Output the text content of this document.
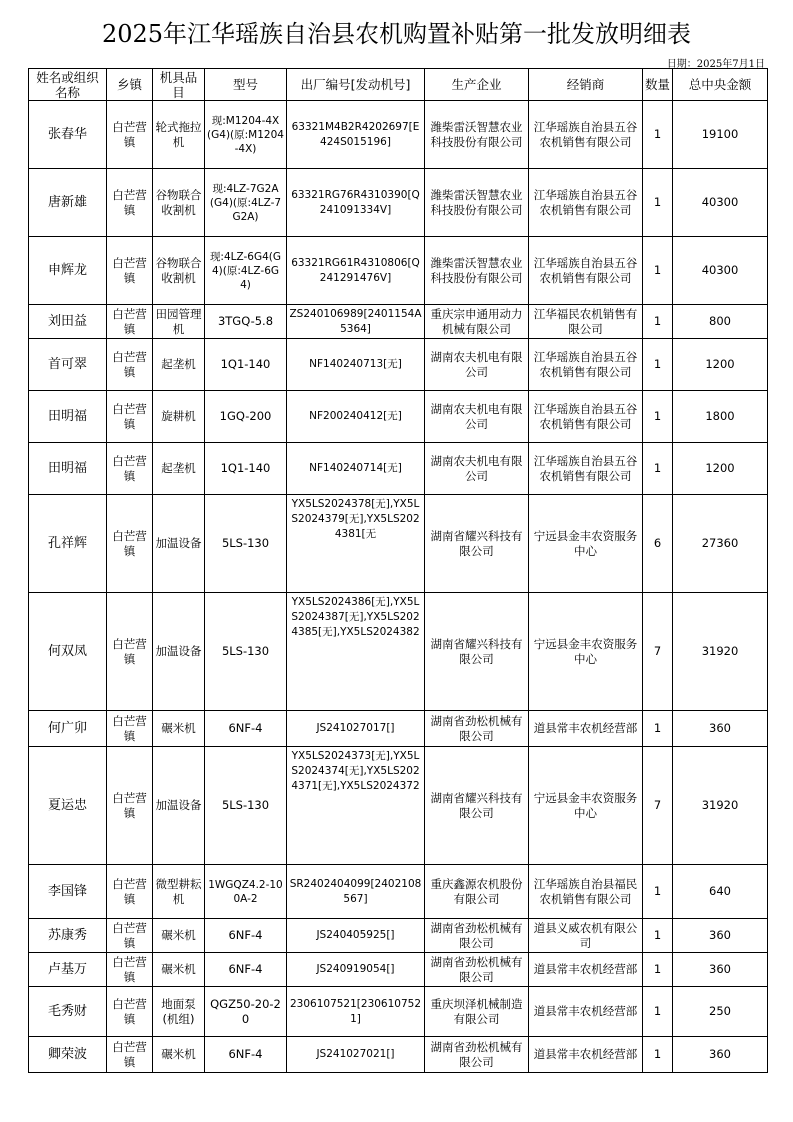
2025年江华瑶族自治县农机购置补贴第一批发放明细表
日期：2025年7月1日
姓名或组织名称	乡镇	机具品目	型号	出厂编号[发动机号]	生产企业	经销商	数量	总中央金额
张春华	白芒营镇	轮式拖拉机	现:M1204-4X(G4)(原:M1204-4X)	63321M4B2R4202697[E424S015196]	潍柴雷沃智慧农业科技股份有限公司	江华瑶族自治县五谷农机销售有限公司	1	19100
唐新雄	白芒营镇	谷物联合收割机	现:4LZ-7G2A(G4)(原:4LZ-7G2A)	63321RG76R4310390[Q241091334V]	潍柴雷沃智慧农业科技股份有限公司	江华瑶族自治县五谷农机销售有限公司	1	40300
申辉龙	白芒营镇	谷物联合收割机	现:4LZ-6G4(G4)(原:4LZ-6G4)	63321RG61R4310806[Q241291476V]	潍柴雷沃智慧农业科技股份有限公司	江华瑶族自治县五谷农机销售有限公司	1	40300
刘田益	白芒营镇	田园管理机	3TGQ-5.8	ZS240106989[2401154A5364]	重庆宗申通用动力机械有限公司	江华福民农机销售有限公司	1	800
首可翠	白芒营镇	起垄机	1Q1-140	NF140240713[无]	湖南农夫机电有限公司	江华瑶族自治县五谷农机销售有限公司	1	1200
田明福	白芒营镇	旋耕机	1GQ-200	NF200240412[无]	湖南农夫机电有限公司	江华瑶族自治县五谷农机销售有限公司	1	1800
田明福	白芒营镇	起垄机	1Q1-140	NF140240714[无]	湖南农夫机电有限公司	江华瑶族自治县五谷农机销售有限公司	1	1200
孔祥辉	白芒营镇	加温设备	5LS-130	YX5LS2024378[无],YX5LS2024379[无],YX5LS2024381[无	湖南省耀兴科技有限公司	宁远县金丰农资服务中心	6	27360
何双凤	白芒营镇	加温设备	5LS-130	YX5LS2024386[无],YX5LS2024387[无],YX5LS2024385[无],YX5LS2024382	湖南省耀兴科技有限公司	宁远县金丰农资服务中心	7	31920
何广卯	白芒营镇	碾米机	6NF-4	JS241027017[]	湖南省劲松机械有限公司	道县常丰农机经营部	1	360
夏运忠	白芒营镇	加温设备	5LS-130	YX5LS2024373[无],YX5LS2024374[无],YX5LS2024371[无],YX5LS2024372	湖南省耀兴科技有限公司	宁远县金丰农资服务中心	7	31920
李国锋	白芒营镇	微型耕耘机	1WGQZ4.2-100A-2	SR2402404099[2402108567]	重庆鑫源农机股份有限公司	江华瑶族自治县福民农机销售有限公司	1	640
苏康秀	白芒营镇	碾米机	6NF-4	JS240405925[]	湖南省劲松机械有限公司	道县义威农机有限公司	1	360
卢基万	白芒营镇	碾米机	6NF-4	JS240919054[]	湖南省劲松机械有限公司	道县常丰农机经营部	1	360
毛秀财	白芒营镇	地面泵(机组)	QGZ50-20-20	2306107521[2306107521]	重庆坝泽机械制造有限公司	道县常丰农机经营部	1	250
卿荣波	白芒营镇	碾米机	6NF-4	JS241027021[]	湖南省劲松机械有限公司	道县常丰农机经营部	1	360
